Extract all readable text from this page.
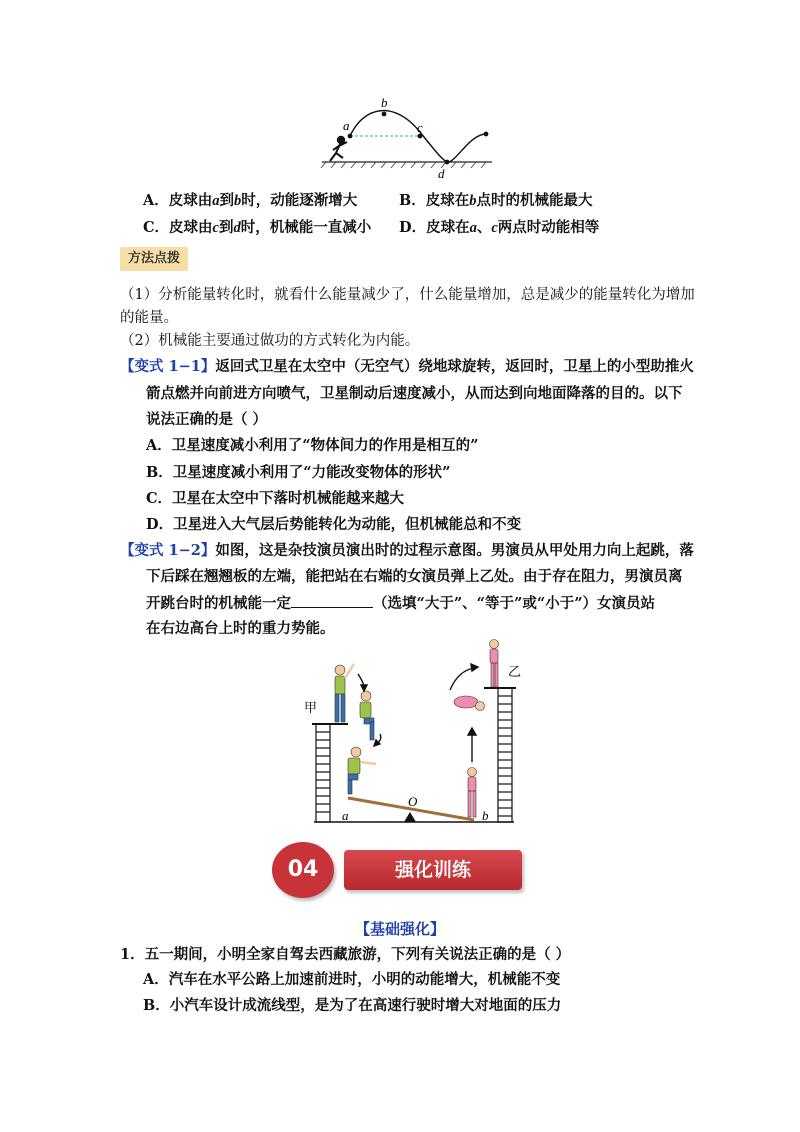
a
b
c
d
A．皮球由a到b时，动能逐渐增大	B．皮球在b点时的机械能最大
C．皮球由c到d时，机械能一直减小 D．皮球在a、c两点时动能相等
方法点拨
（1）分析能量转化时，就看什么能量减少了，什么能量增加，总是减少的能量转化为增加
的能量。
（2）机械能主要通过做功的方式转化为内能。
【变式 1−1】返回式卫星在太空中（无空气）绕地球旋转，返回时，卫星上的小型助推火
箭点燃并向前进方向喷气，卫星制动后速度减小，从而达到向地面降落的目的。以下
说法正确的是（ ）
A．卫星速度减小利用了“物体间力的作用是相互的”
B．卫星速度减小利用了“力能改变物体的形状”
C．卫星在太空中下落时机械能越来越大
D．卫星进入大气层后势能转化为动能，但机械能总和不变
【变式 1−2】如图，这是杂技演员演出时的过程示意图。男演员从甲处用力向上起跳，落
下后踩在翘翘板的左端，能把站在右端的女演员弹上乙处。由于存在阻力，男演员离
开跳台时的机械能一定	（选填“大于”、“等于”或“小于”）女演员站
在右边高台上时的重力势能。
甲
乙
a
O
b
04	强化训练
【基础强化】
1．五一期间，小明全家自驾去西藏旅游，下列有关说法正确的是（ ）
A．汽车在水平公路上加速前进时，小明的动能增大，机械能不变
B．小汽车设计成流线型，是为了在高速行驶时增大对地面的压力
